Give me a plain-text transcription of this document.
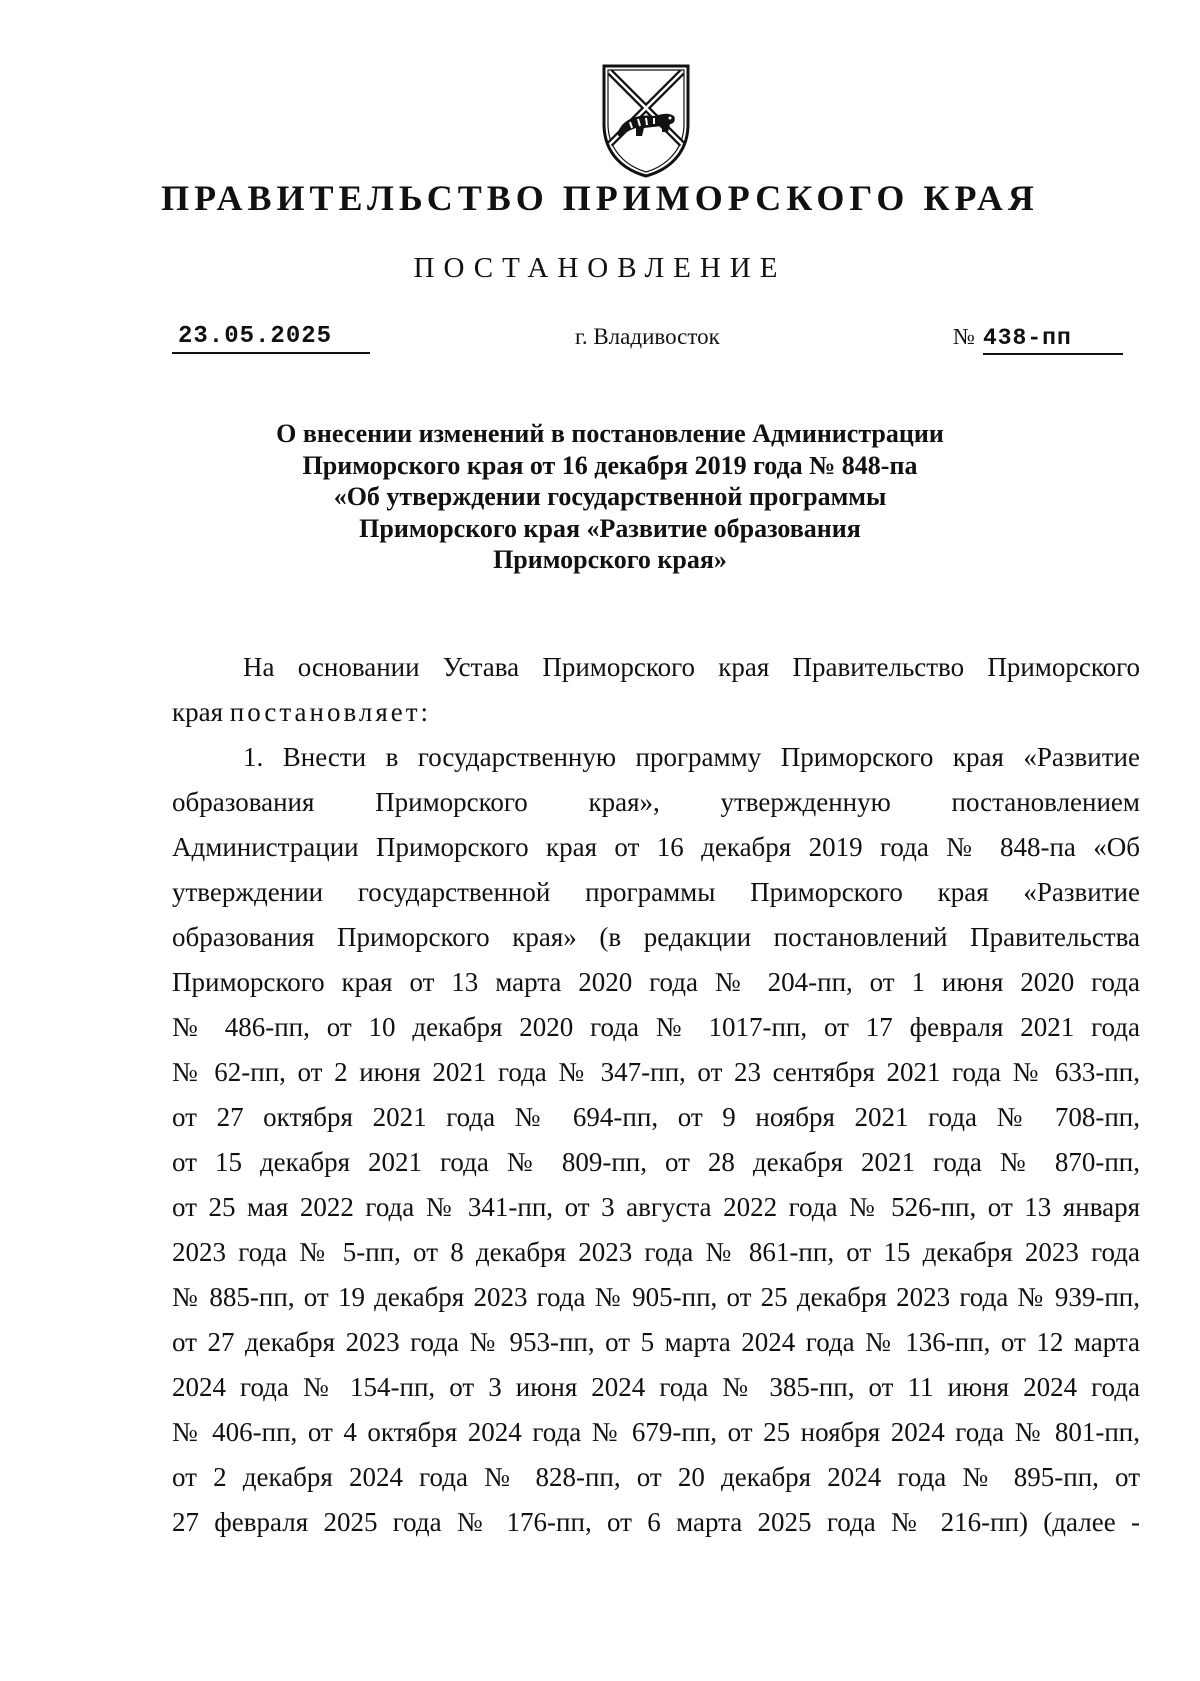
ПРАВИТЕЛЬСТВО ПРИМОРСКОГО КРАЯ
ПОСТАНОВЛЕНИЕ
23.05.2025	г. Владивосток	№ 438-пп
О внесении изменений в постановление Администрации
Приморского края от 16 декабря 2019 года № 848-па
«Об утверждении государственной программы
Приморского края «Развитие образования
Приморского края»
На основании Устава Приморского края Правительство Приморского
края постановляет:
1. Внести в государственную программу Приморского края «Развитие
образования Приморского края», утвержденную постановлением
Администрации Приморского края от 16 декабря 2019 года № 848-па «Об
утверждении государственной программы Приморского края «Развитие
образования Приморского края» (в редакции постановлений Правительства
Приморского края от 13 марта 2020 года № 204-пп, от 1 июня 2020 года
№ 486-пп, от 10 декабря 2020 года № 1017-пп, от 17 февраля 2021 года
№ 62-пп, от 2 июня 2021 года № 347-пп, от 23 сентября 2021 года № 633-пп,
от 27 октября 2021 года № 694-пп, от 9 ноября 2021 года № 708-пп,
от 15 декабря 2021 года № 809-пп, от 28 декабря 2021 года № 870-пп,
от 25 мая 2022 года № 341-пп, от 3 августа 2022 года № 526-пп, от 13 января
2023 года № 5-пп, от 8 декабря 2023 года № 861-пп, от 15 декабря 2023 года
№ 885-пп, от 19 декабря 2023 года № 905-пп, от 25 декабря 2023 года № 939-пп,
от 27 декабря 2023 года № 953-пп, от 5 марта 2024 года № 136-пп, от 12 марта
2024 года № 154-пп, от 3 июня 2024 года № 385-пп, от 11 июня 2024 года
№ 406-пп, от 4 октября 2024 года № 679-пп, от 25 ноября 2024 года № 801-пп,
от 2 декабря 2024 года № 828-пп, от 20 декабря 2024 года № 895-пп, от
27 февраля 2025 года № 176-пп, от 6 марта 2025 года № 216-пп) (далее -
